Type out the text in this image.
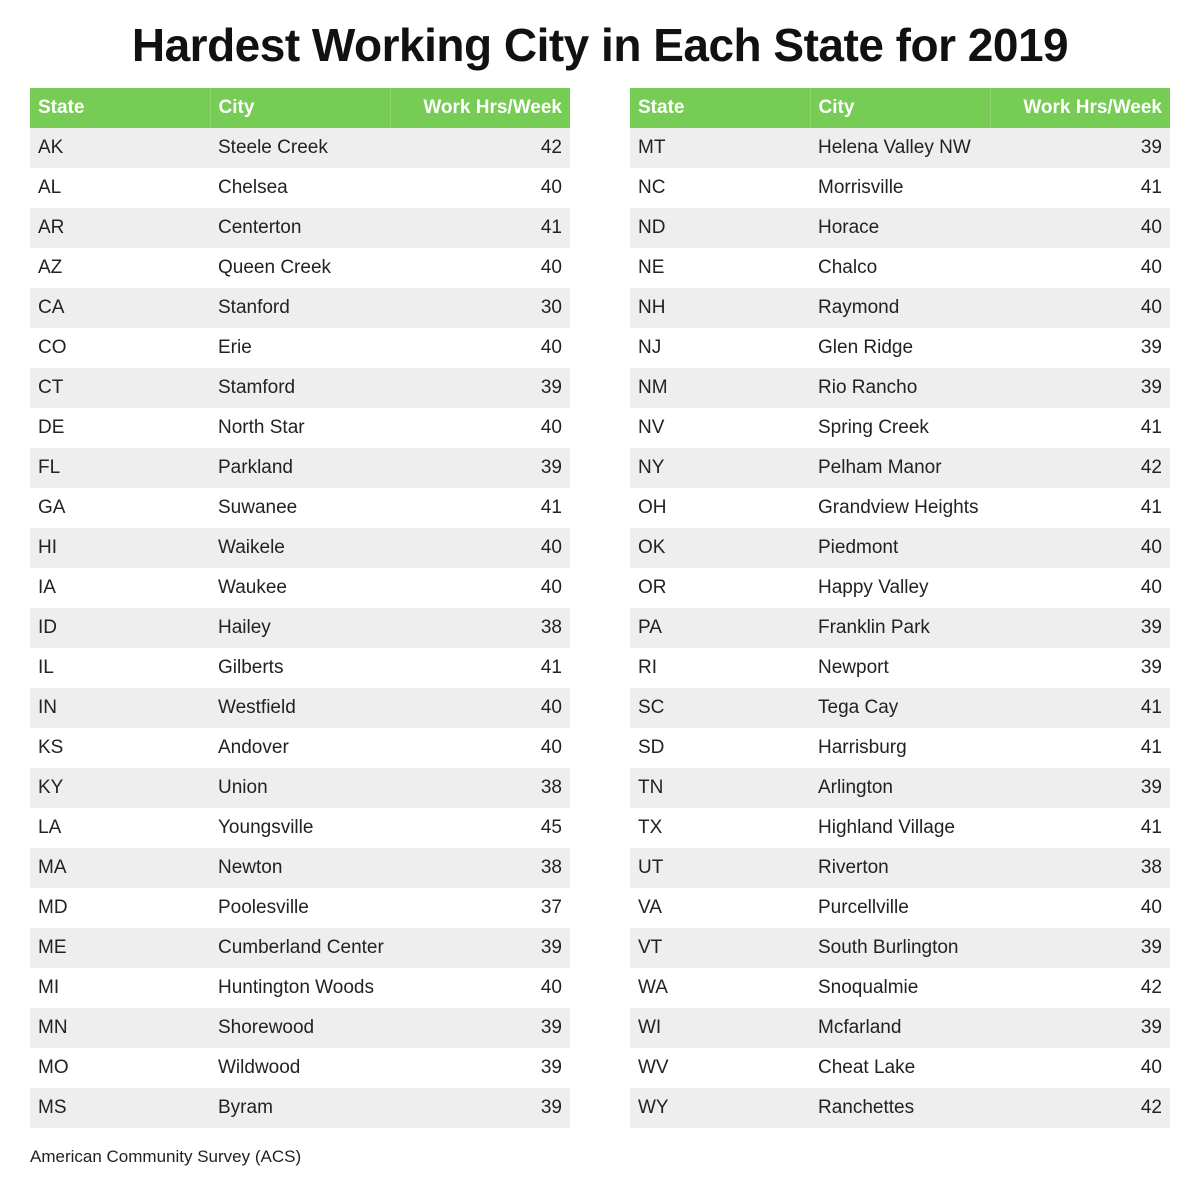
Hardest Working City in Each State for 2019
State	City	Work Hrs/Week
AK	Steele Creek	42
AL	Chelsea	40
AR	Centerton	41
AZ	Queen Creek	40
CA	Stanford	30
CO	Erie	40
CT	Stamford	39
DE	North Star	40
FL	Parkland	39
GA	Suwanee	41
HI	Waikele	40
IA	Waukee	40
ID	Hailey	38
IL	Gilberts	41
IN	Westfield	40
KS	Andover	40
KY	Union	38
LA	Youngsville	45
MA	Newton	38
MD	Poolesville	37
ME	Cumberland Center	39
MI	Huntington Woods	40
MN	Shorewood	39
MO	Wildwood	39
MS	Byram	39
State	City	Work Hrs/Week
MT	Helena Valley NW	39
NC	Morrisville	41
ND	Horace	40
NE	Chalco	40
NH	Raymond	40
NJ	Glen Ridge	39
NM	Rio Rancho	39
NV	Spring Creek	41
NY	Pelham Manor	42
OH	Grandview Heights	41
OK	Piedmont	40
OR	Happy Valley	40
PA	Franklin Park	39
RI	Newport	39
SC	Tega Cay	41
SD	Harrisburg	41
TN	Arlington	39
TX	Highland Village	41
UT	Riverton	38
VA	Purcellville	40
VT	South Burlington	39
WA	Snoqualmie	42
WI	Mcfarland	39
WV	Cheat Lake	40
WY	Ranchettes	42
American Community Survey (ACS)
